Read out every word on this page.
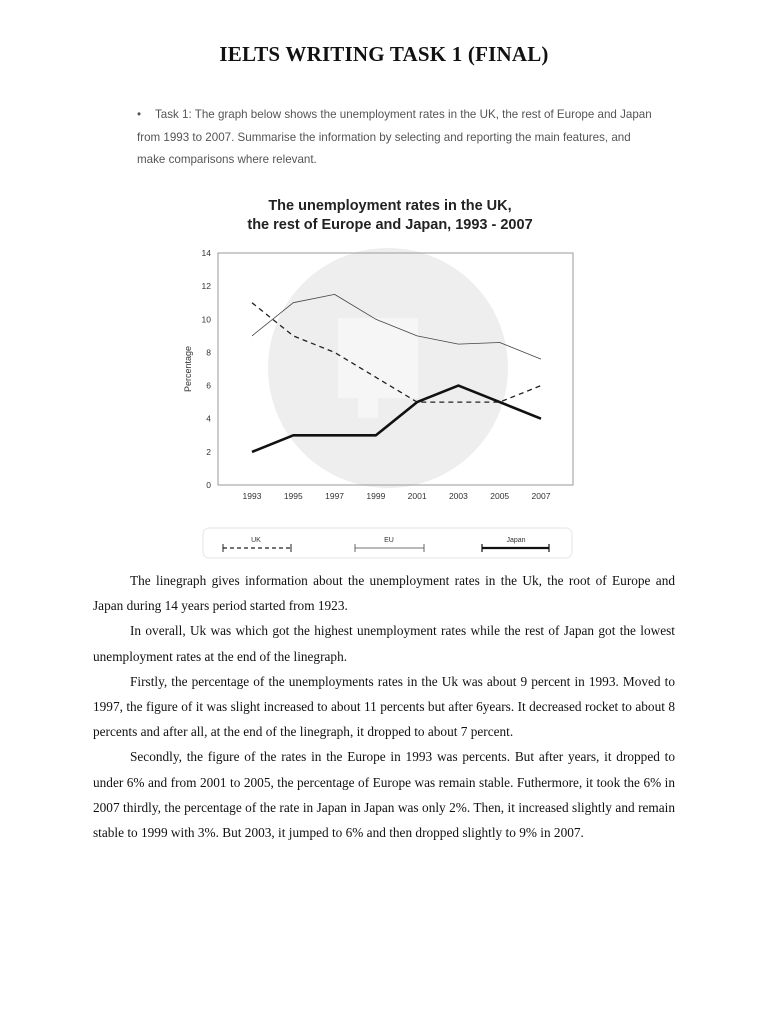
IELTS WRITING TASK 1 (FINAL)
• Task 1: The graph below shows the unemployment rates in the UK, the rest of Europe and Japan from 1993 to 2007. Summarise the information by selecting and reporting the main features, and make comparisons where relevant.
The unemployment rates in the UK,
the rest of Europe and Japan, 1993 - 2007
0
2
4
6
8
10
12
14
1993	1995	1997	1999	2001	2003	2005	2007
Percentage
UK	EU	Japan

The linegraph gives information about the unemployment rates in the Uk, the root of Europe and Japan during 14 years period started from 1923.

In overall, Uk was which got the highest unemployment rates while the rest of Japan got the lowest unemployment rates at the end of the linegraph.

Firstly, the percentage of the unemployments rates in the Uk was about 9 percent in 1993. Moved to 1997, the figure of it was slight increased to about 11 percents but after 6years. It decreased rocket to about 8 percents and after all, at the end of the linegraph, it dropped to about 7 percent.

Secondly, the figure of the rates in the Europe in 1993 was percents. But after years, it dropped to under 6% and from 2001 to 2005, the percentage of Europe was remain stable. Futhermore, it took the 6% in 2007 thirdly, the percentage of the rate in Japan in Japan was only 2%. Then, it increased slightly and remain stable to 1999 with 3%. But 2003, it jumped to 6% and then dropped slightly to 9% in 2007.
